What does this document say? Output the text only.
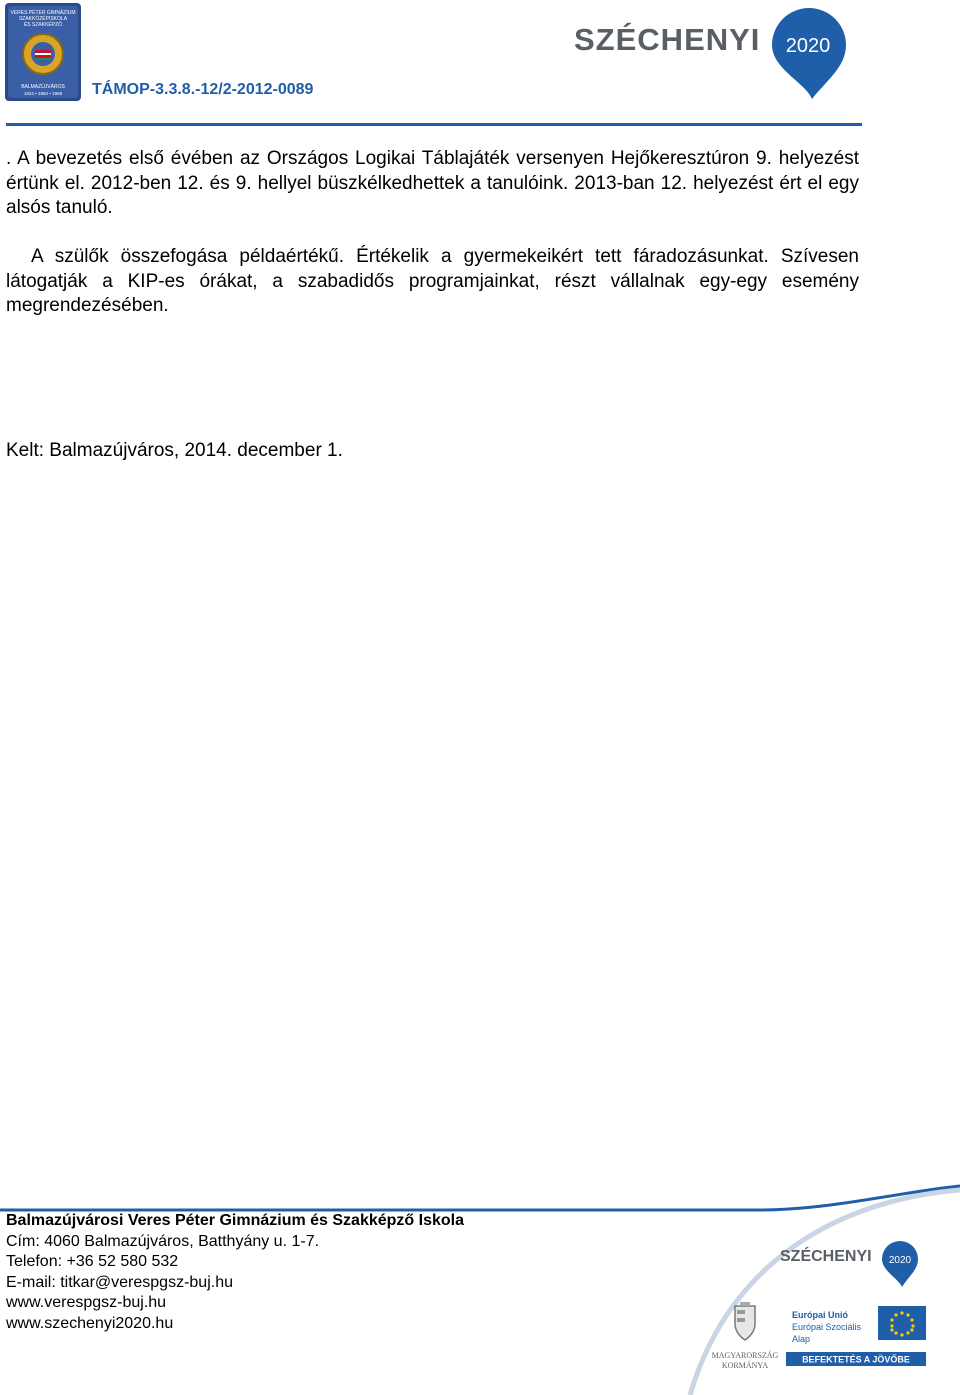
VERES PÉTER GIMNÁZIUM
SZAKKÖZÉPISKOLA
ÉS SZAKKÉPZŐ
BALMAZÚJVÁROS
1924 • 1964 • 1968 TÁMOP-3.3.8.-12/2-2012-0089
SZÉCHENYI 2020

. A bevezetés első évében az Országos Logikai Táblajáték versenyen Hejőkeresztúron 9. helyezést értünk el. 2012-ben 12. és 9. hellyel büszkélkedhettek a tanulóink. 2013-ban 12. helyezést ért el egy alsós tanuló.

A szülők összefogása példaértékű. Értékelik a gyermekeikért tett fáradozásunkat. Szívesen látogatják a KIP-es órákat, a szabadidős programjainkat, részt vállalnak egy-egy esemény megrendezésében.

Kelt: Balmazújváros, 2014. december 1.
Balmazújvárosi Veres Péter Gimnázium és Szakképző Iskola
Cím: 4060 Balmazújváros, Batthyány u. 1-7.
Telefon: +36 52 580 532
E-mail: titkar@verespgsz-buj.hu
www.verespgsz-buj.hu
www.szechenyi2020.hu
SZÉCHENYI 2020
MAGYARORSZÁG
KORMÁNYA
Európai Unió
Európai Szociális
Alap
BEFEKTETÉS A JÖVŐBE
